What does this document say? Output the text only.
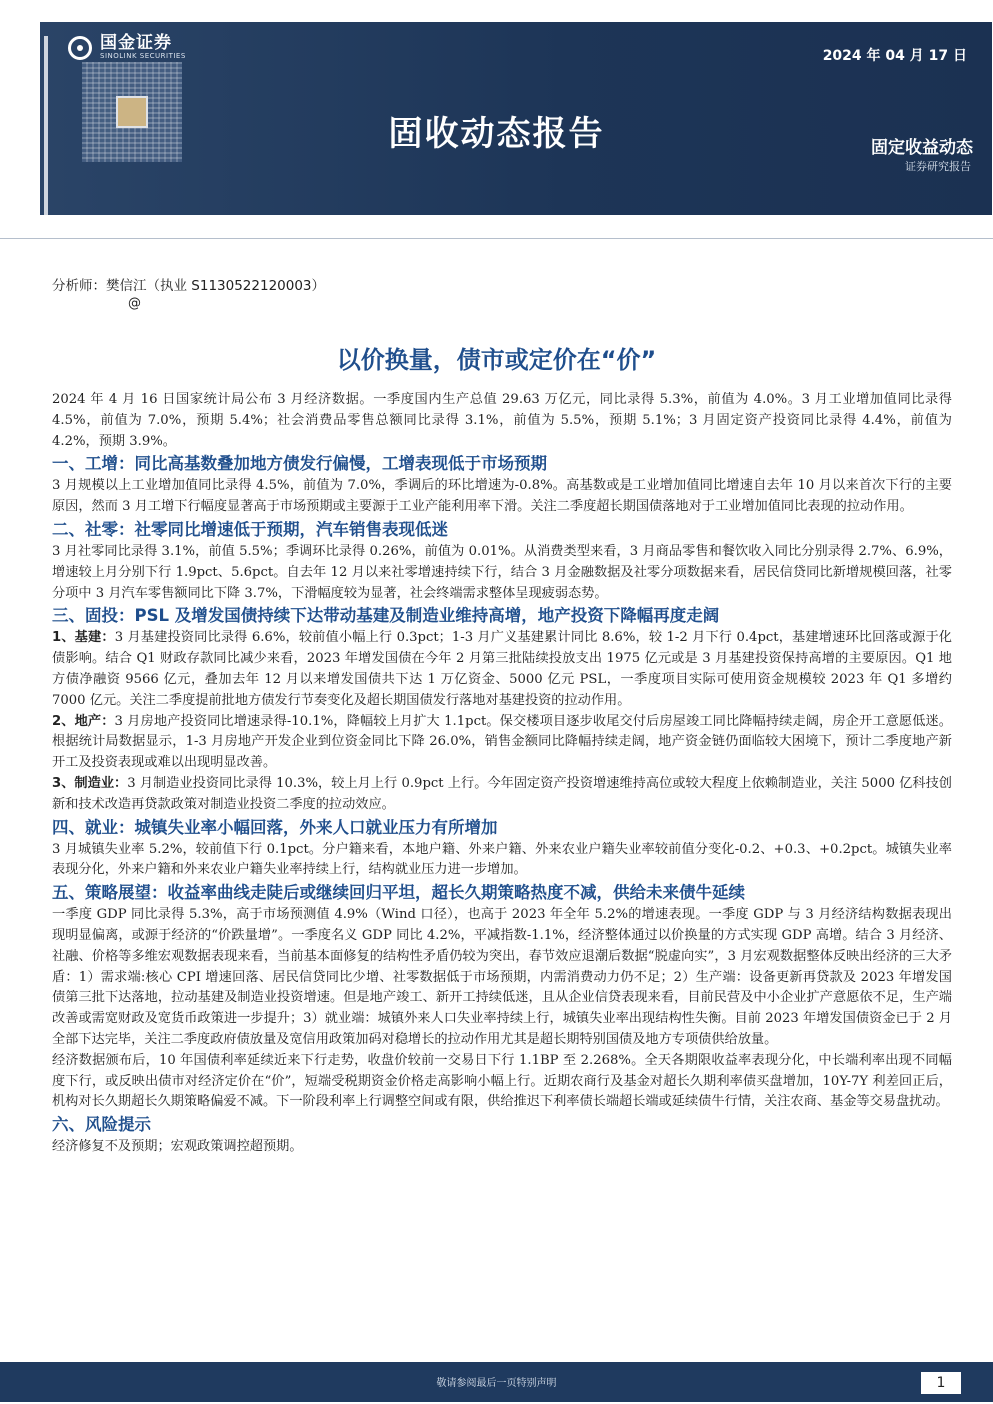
国金证券
SINOLINK SECURITIES	2024 年 04 月 17 日
固收动态报告	固定收益动态
证券研究报告
分析师：樊信江（执业 S1130522120003）
@
以价换量，债市或定价在“价”

2024 年 4 月 16 日国家统计局公布 3 月经济数据。一季度国内生产总值 29.63 万亿元，同比录得 5.3%，前值为 4.0%。3 月工业增加值同比录得 4.5%，前值为 7.0%，预期 5.4%；社会消费品零售总额同比录得 3.1%，前值为 5.5%，预期 5.1%；3 月固定资产投资同比录得 4.4%，前值为 4.2%，预期 3.9%。

一、工增：同比高基数叠加地方债发行偏慢，工增表现低于市场预期

3 月规模以上工业增加值同比录得 4.5%，前值为 7.0%，季调后的环比增速为-0.8%。高基数或是工业增加值同比增速自去年 10 月以来首次下行的主要原因，然而 3 月工增下行幅度显著高于市场预期或主要源于工业产能利用率下滑。关注二季度超长期国债落地对于工业增加值同比表现的拉动作用。

二、社零：社零同比增速低于预期，汽车销售表现低迷

3 月社零同比录得 3.1%，前值 5.5%；季调环比录得 0.26%，前值为 0.01%。从消费类型来看，3 月商品零售和餐饮收入同比分别录得 2.7%、6.9%，增速较上月分别下行 1.9pct、5.6pct。自去年 12 月以来社零增速持续下行，结合 3 月金融数据及社零分项数据来看，居民信贷同比新增规模回落，社零分项中 3 月汽车零售额同比下降 3.7%，下滑幅度较为显著，社会终端需求整体呈现疲弱态势。

三、固投：PSL 及增发国债持续下达带动基建及制造业维持高增，地产投资下降幅再度走阔

1、基建：3 月基建投资同比录得 6.6%，较前值小幅上行 0.3pct；1-3 月广义基建累计同比 8.6%，较 1-2 月下行 0.4pct，基建增速环比回落或源于化债影响。结合 Q1 财政存款同比减少来看，2023 年增发国债在今年 2 月第三批陆续投放支出 1975 亿元或是 3 月基建投资保持高增的主要原因。Q1 地方债净融资 9566 亿元，叠加去年 12 月以来增发国债共下达 1 万亿资金、5000 亿元 PSL，一季度项目实际可使用资金规模较 2023 年 Q1 多增约 7000 亿元。关注二季度提前批地方债发行节奏变化及超长期国债发行落地对基建投资的拉动作用。

2、地产：3 月房地产投资同比增速录得-10.1%，降幅较上月扩大 1.1pct。保交楼项目逐步收尾交付后房屋竣工同比降幅持续走阔，房企开工意愿低迷。根据统计局数据显示，1-3 月房地产开发企业到位资金同比下降 26.0%，销售金额同比降幅持续走阔，地产资金链仍面临较大困境下，预计二季度地产新开工及投资表现或难以出现明显改善。

3、制造业：3 月制造业投资同比录得 10.3%，较上月上行 0.9pct 上行。今年固定资产投资增速维持高位或较大程度上依赖制造业，关注 5000 亿科技创新和技术改造再贷款政策对制造业投资二季度的拉动效应。

四、就业：城镇失业率小幅回落，外来人口就业压力有所增加

3 月城镇失业率 5.2%，较前值下行 0.1pct。分户籍来看，本地户籍、外来户籍、外来农业户籍失业率较前值分变化-0.2、+0.3、+0.2pct。城镇失业率表现分化，外来户籍和外来农业户籍失业率持续上行，结构就业压力进一步增加。

五、策略展望：收益率曲线走陡后或继续回归平坦，超长久期策略热度不减，供给未来债牛延续

一季度 GDP 同比录得 5.3%，高于市场预测值 4.9%（Wind 口径），也高于 2023 年全年 5.2%的增速表现。一季度 GDP 与 3 月经济结构数据表现出现明显偏离，或源于经济的“价跌量增”。一季度名义 GDP 同比 4.2%，平减指数-1.1%，经济整体通过以价换量的方式实现 GDP 高增。结合 3 月经济、社融、价格等多维宏观数据表现来看，当前基本面修复的结构性矛盾仍较为突出，春节效应退潮后数据“脱虚向实”，3 月宏观数据整体反映出经济的三大矛盾：1）需求端:核心 CPI 增速回落、居民信贷同比少增、社零数据低于市场预期，内需消费动力仍不足；2）生产端：设备更新再贷款及 2023 年增发国债第三批下达落地，拉动基建及制造业投资增速。但是地产竣工、新开工持续低迷，且从企业信贷表现来看，目前民营及中小企业扩产意愿依不足，生产端改善或需宽财政及宽货币政策进一步提升；3）就业端：城镇外来人口失业率持续上行，城镇失业率出现结构性失衡。目前 2023 年增发国债资金已于 2 月全部下达完毕，关注二季度政府债放量及宽信用政策加码对稳增长的拉动作用尤其是超长期特别国债及地方专项债供给放量。

经济数据颁布后，10 年国债利率延续近来下行走势，收盘价较前一交易日下行 1.1BP 至 2.268%。全天各期限收益率表现分化，中长端利率出现不同幅度下行，或反映出债市对经济定价在“价”，短端受税期资金价格走高影响小幅上行。近期农商行及基金对超长久期利率债买盘增加，10Y-7Y 利差回正后，机构对长久期超长久期策略偏爱不减。下一阶段利率上行调整空间或有限，供给推迟下利率债长端超长端或延续债牛行情，关注农商、基金等交易盘扰动。

六、风险提示

经济修复不及预期；宏观政策调控超预期。

敬请参阅最后一页特别声明	1
